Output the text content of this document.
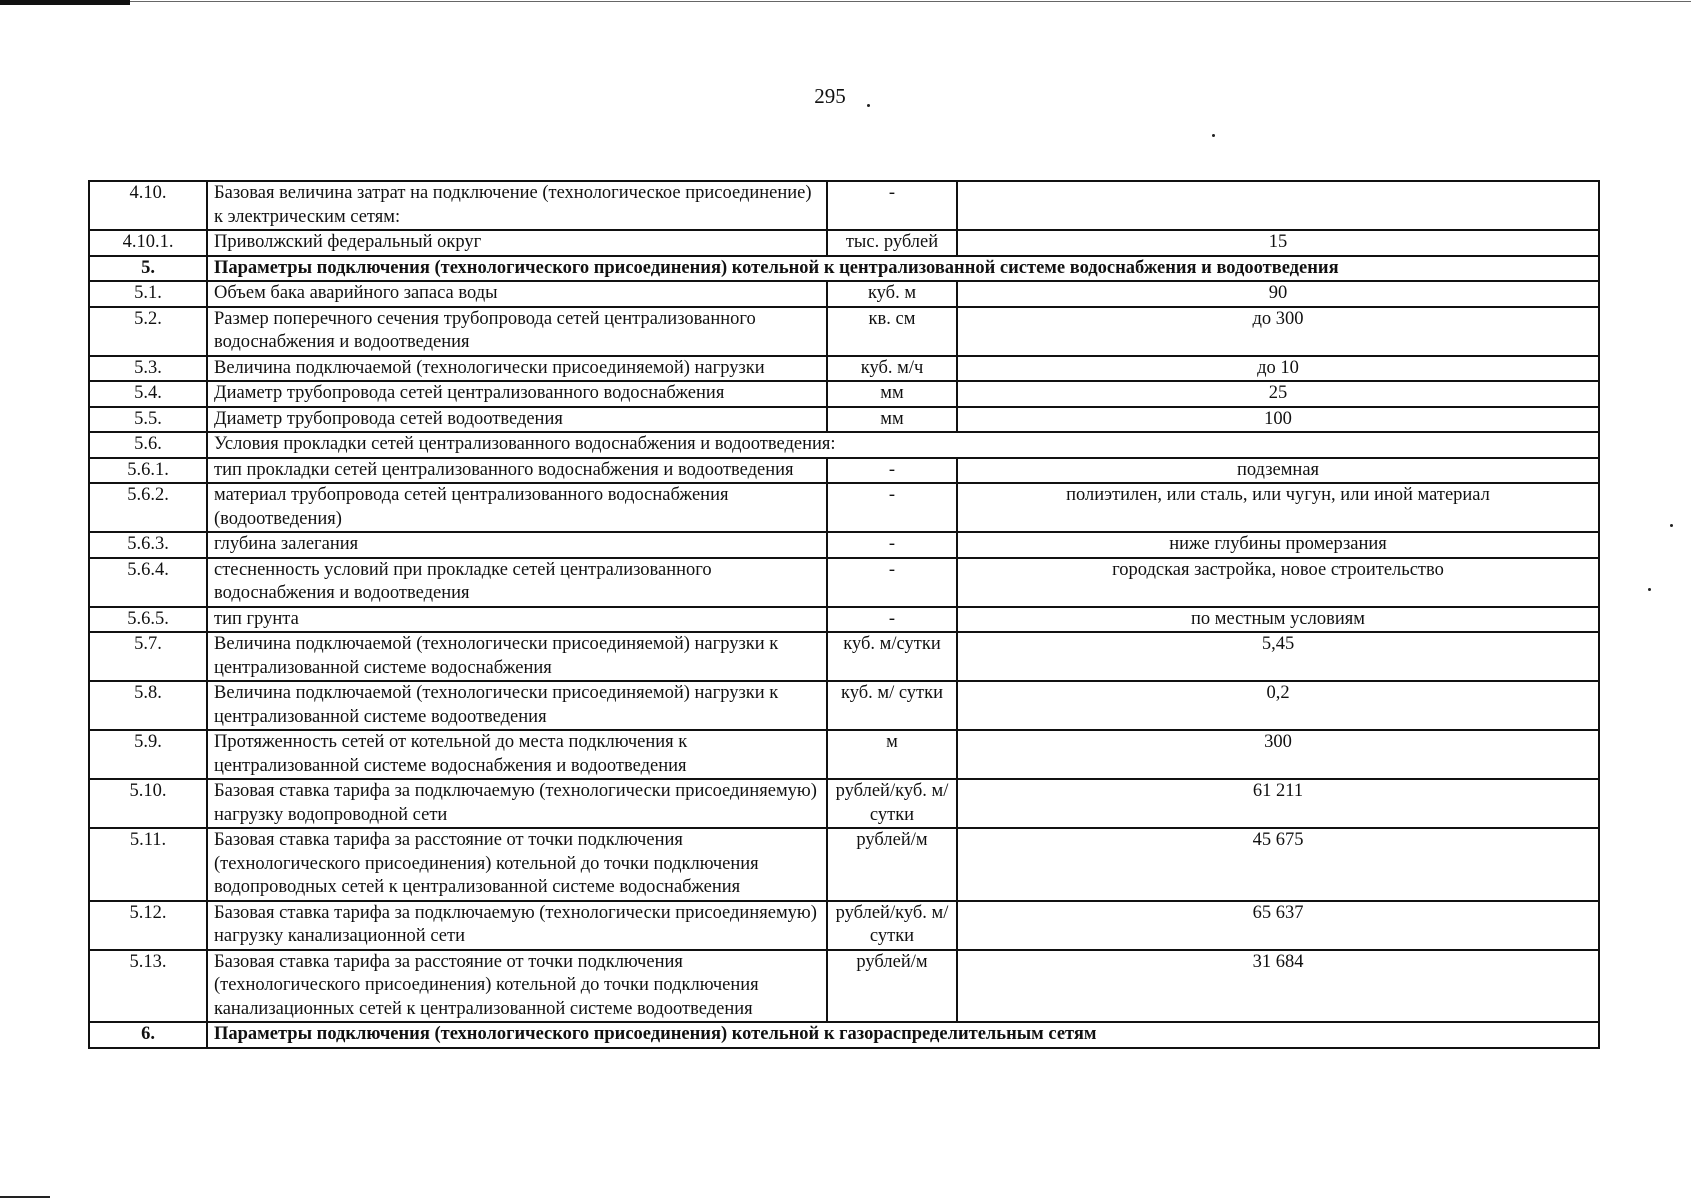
295
4.10.	Базовая величина затрат на подключение (технологическое присоединение) к электрическим сетям:	-	
4.10.1.	Приволжский федеральный округ	тыс. рублей	15
5.	Параметры подключения (технологического присоединения) котельной к централизованной системе водоснабжения и водоотведения		
5.1.	Объем бака аварийного запаса воды	куб. м	90
5.2.	Размер поперечного сечения трубопровода сетей централизованного водоснабжения и водоотведения	кв. см	до 300
5.3.	Величина подключаемой (технологически присоединяемой) нагрузки	куб. м/ч	до 10
5.4.	Диаметр трубопровода сетей централизованного водоснабжения	мм	25
5.5.	Диаметр трубопровода сетей водоотведения	мм	100
5.6.	Условия прокладки сетей централизованного водоснабжения и водоотведения:		
5.6.1.	тип прокладки сетей централизованного водоснабжения и водоотведения	-	подземная
5.6.2.	материал трубопровода сетей централизованного водоснабжения (водоотведения)	-	полиэтилен, или сталь, или чугун, или иной материал
5.6.3.	глубина залегания	-	ниже глубины промерзания
5.6.4.	стесненность условий при прокладке сетей централизованного водоснабжения и водоотведения	-	городская застройка, новое строительство
5.6.5.	тип грунта	-	по местным условиям
5.7.	Величина подключаемой (технологически присоединяемой) нагрузки к централизованной системе водоснабжения	куб. м/сутки	5,45
5.8.	Величина подключаемой (технологически присоединяемой) нагрузки к централизованной системе водоотведения	куб. м/ сутки	0,2
5.9.	Протяженность сетей от котельной до места подключения к централизованной системе водоснабжения и водоотведения	м	300
5.10.	Базовая ставка тарифа за подключаемую (технологически присоединяемую) нагрузку водопроводной сети	рублей/куб. м/сутки	61 211
5.11.	Базовая ставка тарифа за расстояние от точки подключения (технологического присоединения) котельной до точки подключения водопроводных сетей к централизованной системе водоснабжения	рублей/м	45 675
5.12.	Базовая ставка тарифа за подключаемую (технологически присоединяемую) нагрузку канализационной сети	рублей/куб. м/сутки	65 637
5.13.	Базовая ставка тарифа за расстояние от точки подключения (технологического присоединения) котельной до точки подключения канализационных сетей к централизованной системе водоотведения	рублей/м	31 684
6.	Параметры подключения (технологического присоединения) котельной к газораспределительным сетям		
